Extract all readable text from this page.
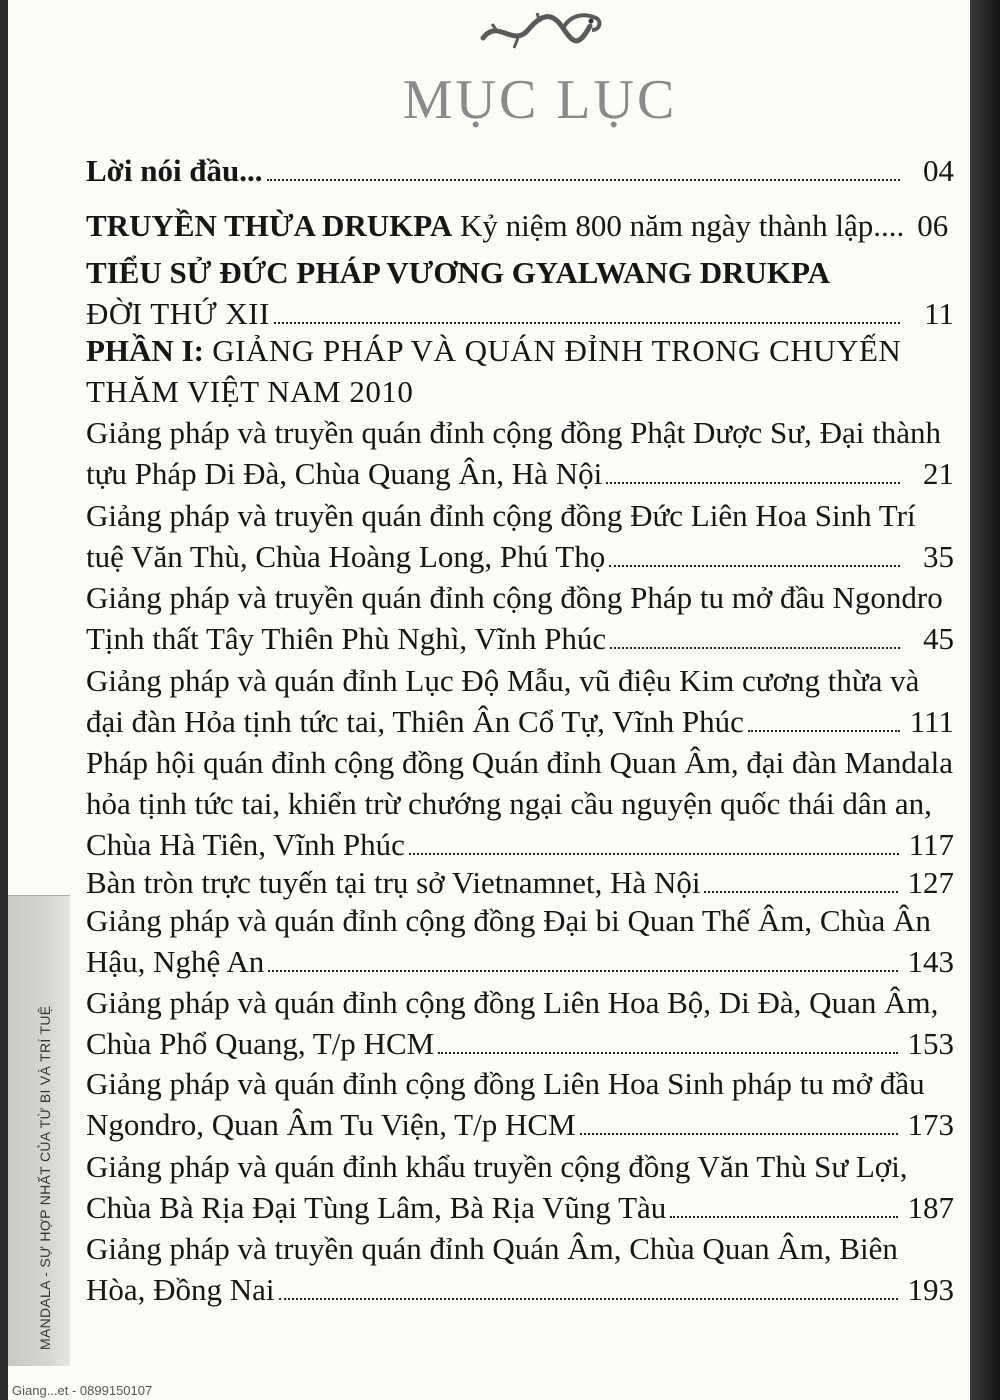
MỤC LỤC
Lời nói đầu...	04
TRUYỀN THỪA DRUKPA Kỷ niệm 800 năm ngày thành lập.... 06
TIỂU SỬ ĐỨC PHÁP VƯƠNG GYALWANG DRUKPA
ĐỜI THỨ XII	11
PHẦN I: GIẢNG PHÁP VÀ QUÁN ĐỈNH TRONG CHUYẾN
THĂM VIỆT NAM 2010
Giảng pháp và truyền quán đỉnh cộng đồng Phật Dược Sư, Đại thành
tựu Pháp Di Đà, Chùa Quang Ân, Hà Nội	21
Giảng pháp và truyền quán đỉnh cộng đồng Đức Liên Hoa Sinh Trí
tuệ Văn Thù, Chùa Hoàng Long, Phú Thọ	35
Giảng pháp và truyền quán đỉnh cộng đồng Pháp tu mở đầu Ngondro
Tịnh thất Tây Thiên Phù Nghì, Vĩnh Phúc	45
Giảng pháp và quán đỉnh Lục Độ Mẫu, vũ điệu Kim cương thừa và
đại đàn Hỏa tịnh tức tai, Thiên Ân Cổ Tự, Vĩnh Phúc	111
Pháp hội quán đỉnh cộng đồng Quán đỉnh Quan Âm, đại đàn Mandala
hỏa tịnh tức tai, khiển trừ chướng ngại cầu nguyện quốc thái dân an,
Chùa Hà Tiên, Vĩnh Phúc	117
Bàn tròn trực tuyến tại trụ sở Vietnamnet, Hà Nội	127
Giảng pháp và quán đỉnh cộng đồng Đại bi Quan Thế Âm, Chùa Ân
Hậu, Nghệ An	143
Giảng pháp và quán đỉnh cộng đồng Liên Hoa Bộ, Di Đà, Quan Âm,
Chùa Phổ Quang, T/p HCM	153
Giảng pháp và quán đỉnh cộng đồng Liên Hoa Sinh pháp tu mở đầu
Ngondro, Quan Âm Tu Viện, T/p HCM	173
Giảng pháp và quán đỉnh khẩu truyền cộng đồng Văn Thù Sư Lợi,
Chùa Bà Rịa Đại Tùng Lâm, Bà Rịa Vũng Tàu	187
Giảng pháp và truyền quán đỉnh Quán Âm, Chùa Quan Âm, Biên
Hòa, Đồng Nai	193
MANDALA - SỰ HỢP NHẤT CỦA TỪ BI VÀ TRÍ TUỆ
Giang...et - 0899150107
